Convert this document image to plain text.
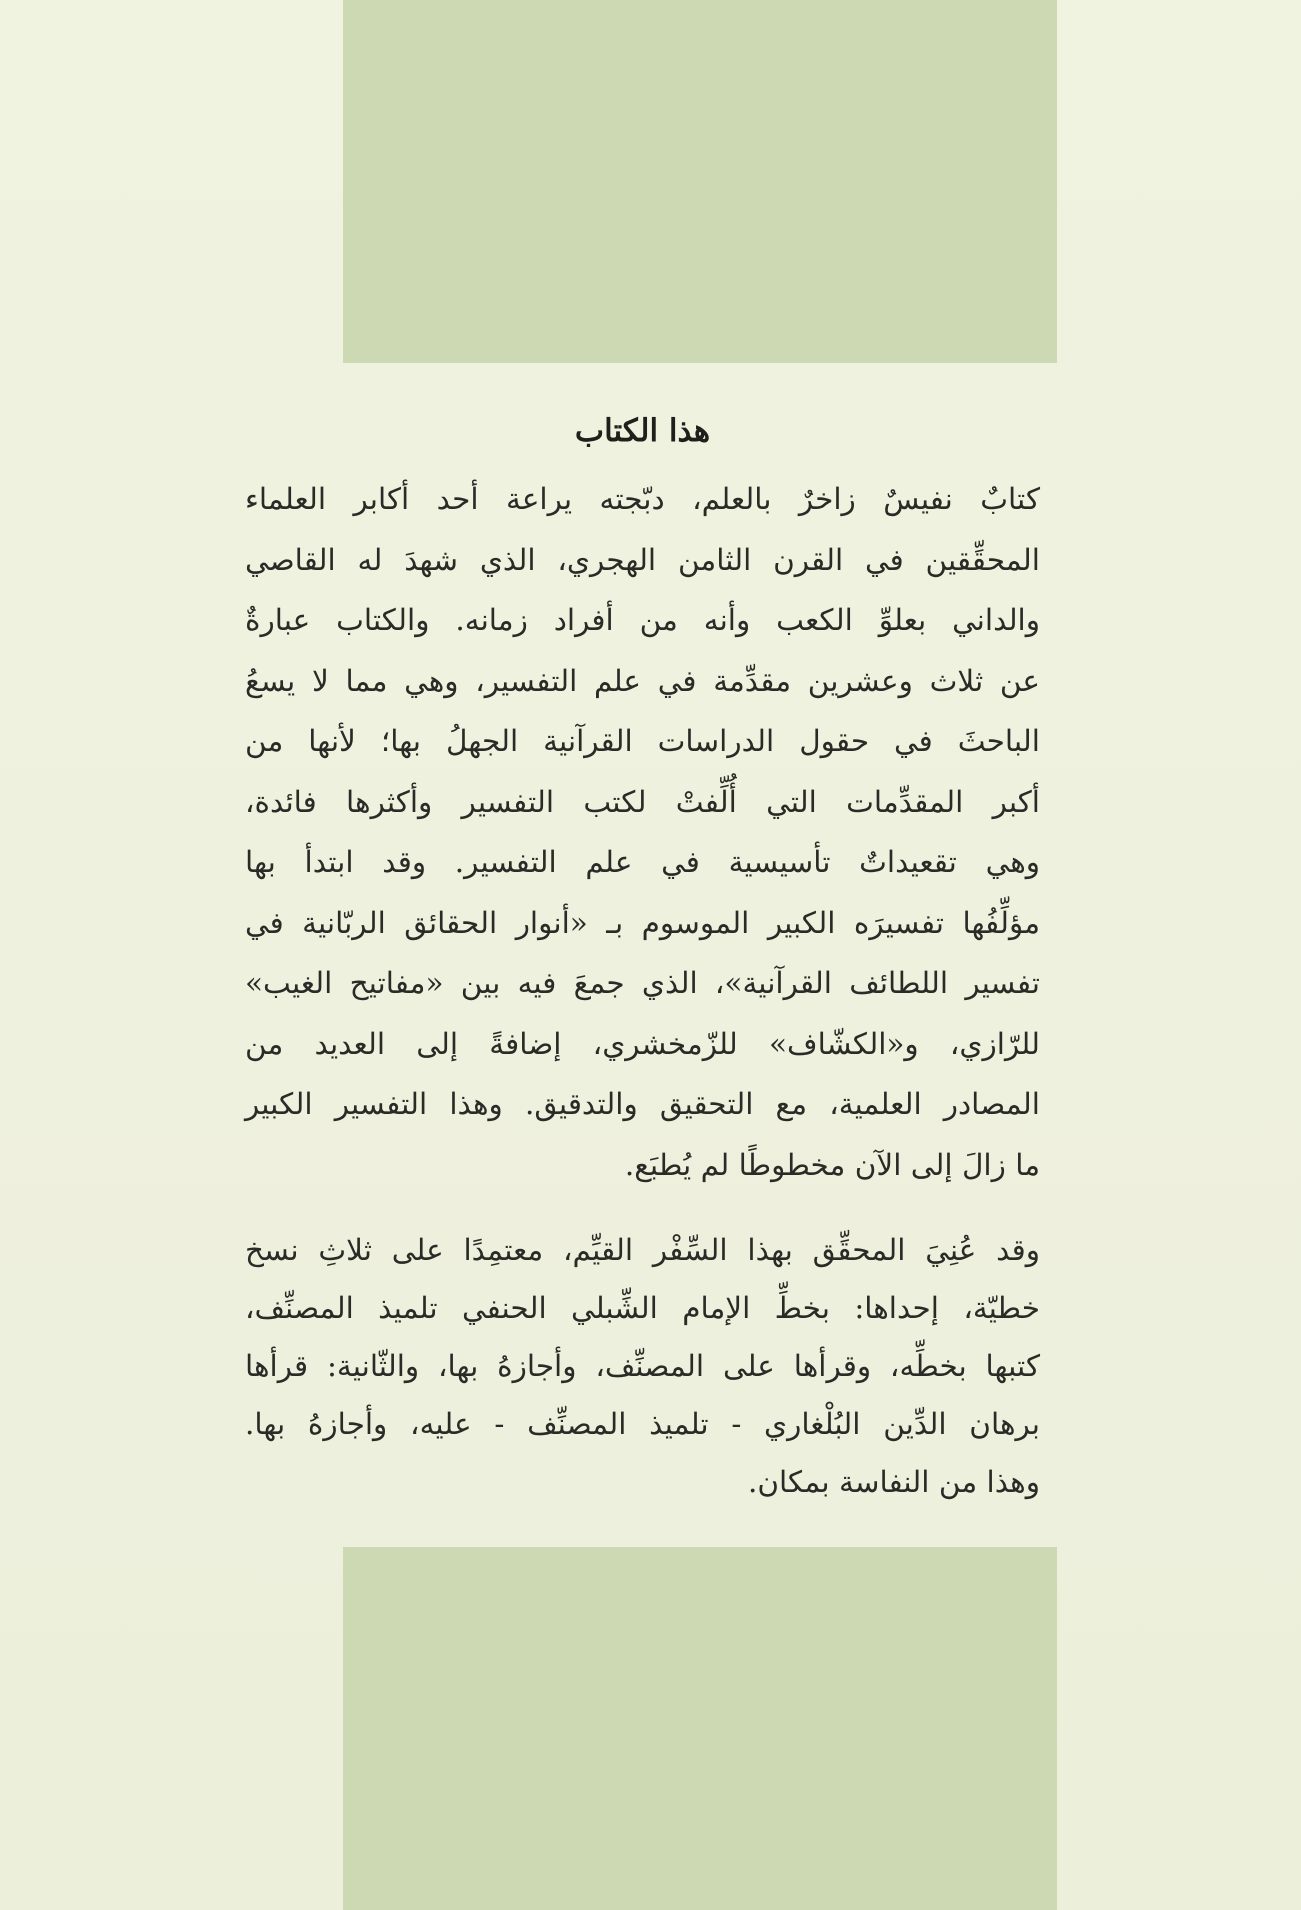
هذا الكتاب

كتابٌ نفيسٌ زاخرٌ بالعلم، دبّجته يراعة أحد أكابر العلماء
المحقِّقين في القرن الثامن الهجري، الذي شهدَ له القاصي
والداني بعلوِّ الكعب وأنه من أفراد زمانه. والكتاب عبارةٌ
عن ثلاث وعشرين مقدِّمة في علم التفسير، وهي مما لا يسعُ
الباحثَ في حقول الدراسات القرآنية الجهلُ بها؛ لأنها من
أكبر المقدِّمات التي أُلِّفتْ لكتب التفسير وأكثرها فائدة،
وهي تقعيداتٌ تأسيسية في علم التفسير. وقد ابتدأ بها
مؤلِّفُها تفسيرَه الكبير الموسوم بـ «أنوار الحقائق الربّانية في
تفسير اللطائف القرآنية»، الذي جمعَ فيه بين «مفاتيح الغيب»
للرّازي، و«الكشّاف» للزّمخشري، إضافةً إلى العديد من
المصادر العلمية، مع التحقيق والتدقيق. وهذا التفسير الكبير
ما زالَ إلى الآن مخطوطًا لم يُطبَع.

وقد عُنِيَ المحقِّق بهذا السِّفْر القيِّم، معتمِدًا على ثلاثِ نسخ
خطيّة، إحداها: بخطِّ الإمام الشِّبلي الحنفي تلميذ المصنِّف،
كتبها بخطِّه، وقرأها على المصنِّف، وأجازهُ بها، والثّانية: قرأها
برهان الدِّين البُلْغاري - تلميذ المصنِّف - عليه، وأجازهُ بها.
وهذا من النفاسة بمكان.
